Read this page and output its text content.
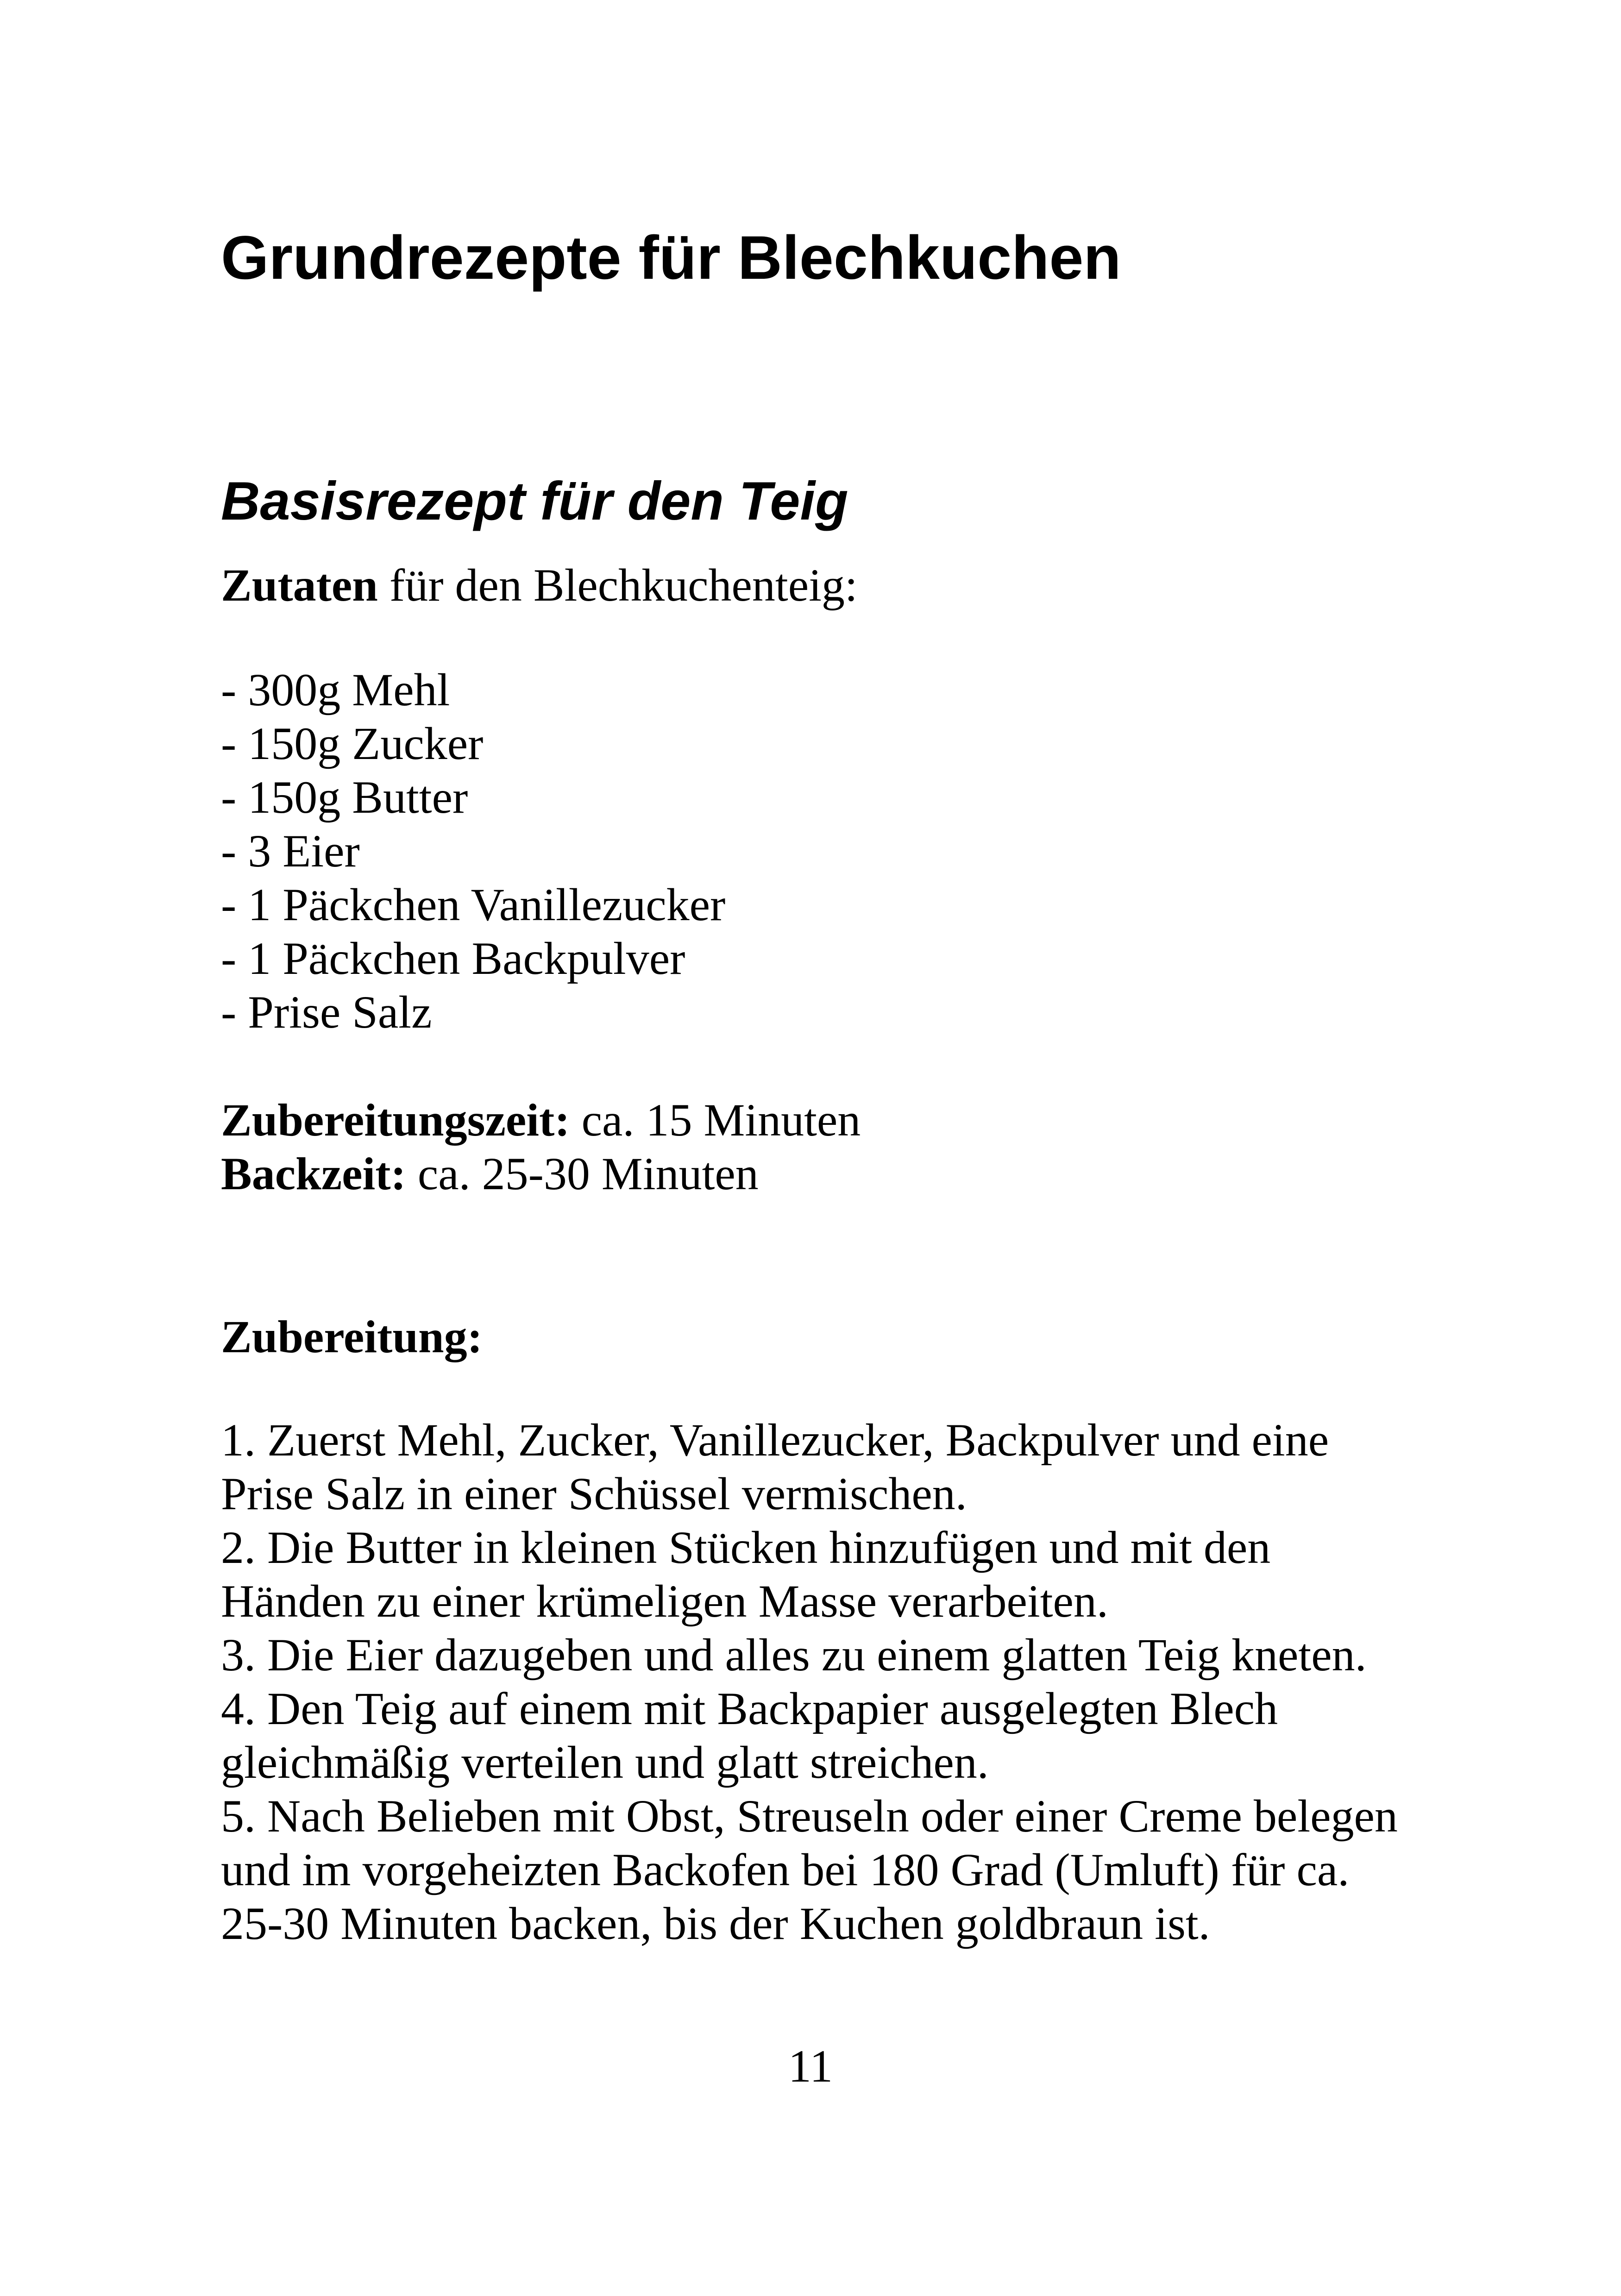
Grundrezepte für Blechkuchen
Basisrezept für den Teig

Zutaten für den Blechkuchenteig:

- 300g Mehl
- 150g Zucker
- 150g Butter
- 3 Eier
- 1 Päckchen Vanillezucker
- 1 Päckchen Backpulver
- Prise Salz
Zubereitungszeit: ca. 15 Minuten
Backzeit: ca. 25-30 Minuten

Zubereitung:

1. Zuerst Mehl, Zucker, Vanillezucker, Backpulver und eine
Prise Salz in einer Schüssel vermischen.
2. Die Butter in kleinen Stücken hinzufügen und mit den
Händen zu einer krümeligen Masse verarbeiten.
3. Die Eier dazugeben und alles zu einem glatten Teig kneten.
4. Den Teig auf einem mit Backpapier ausgelegten Blech
gleichmäßig verteilen und glatt streichen.
5. Nach Belieben mit Obst, Streuseln oder einer Creme belegen
und im vorgeheizten Backofen bei 180 Grad (Umluft) für ca.
25-30 Minuten backen, bis der Kuchen goldbraun ist.
11
